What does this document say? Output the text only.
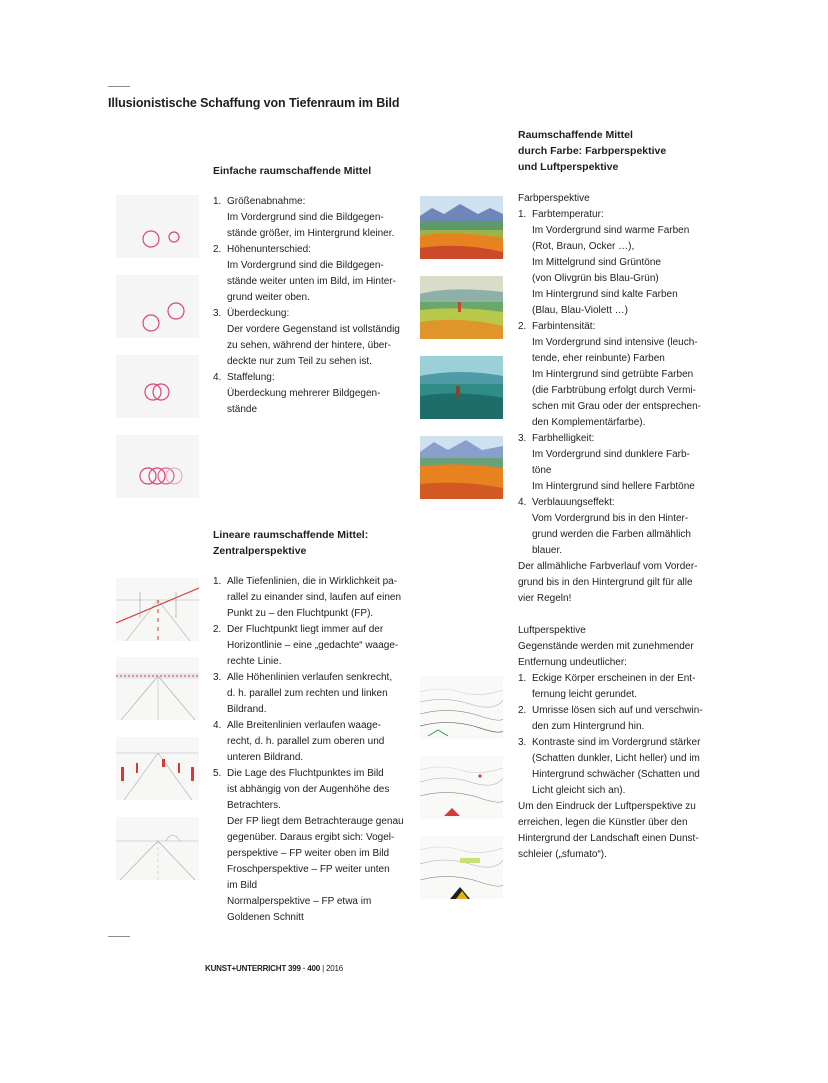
Illusionistische Schaffung von Tiefenraum im Bild
Einfache raumschaffende Mittel
1. Größenabnahme:
Im Vordergrund sind die Bildgegen-
stände größer, im Hintergrund kleiner.
2. Höhenunterschied:
Im Vordergrund sind die Bildgegen-
stände weiter unten im Bild, im Hinter-
grund weiter oben.
3. Überdeckung:
Der vordere Gegenstand ist vollständig
zu sehen, während der hintere, über-
deckte nur zum Teil zu sehen ist.
4. Staffelung:
Überdeckung mehrerer Bildgegen-
stände
Lineare raumschaffende Mittel:
Zentralperspektive
1. Alle Tiefenlinien, die in Wirklichkeit pa-
rallel zu einander sind, laufen auf einen
Punkt zu – den Fluchtpunkt (FP).
2. Der Fluchtpunkt liegt immer auf der
Horizontlinie – eine „gedachte“ waage-
rechte Linie.
3. Alle Höhenlinien verlaufen senkrecht,
d. h. parallel zum rechten und linken
Bildrand.
4. Alle Breitenlinien verlaufen waage-
recht, d. h. parallel zum oberen und
unteren Bildrand.
5. Die Lage des Fluchtpunktes im Bild
ist abhängig von der Augenhöhe des
Betrachters.
Der FP liegt dem Betrachterauge genau
gegenüber. Daraus ergibt sich: Vogel-
perspektive – FP weiter oben im Bild
Froschperspektive – FP weiter unten
im Bild
Normalperspektive – FP etwa im
Goldenen Schnitt
Raumschaffende Mittel
durch Farbe: Farbperspektive
und Luftperspektive
Farbperspektive
1. Farbtemperatur:
Im Vordergrund sind warme Farben
(Rot, Braun, Ocker …),
Im Mittelgrund sind Grüntöne
(von Olivgrün bis Blau-Grün)
Im Hintergrund sind kalte Farben
(Blau, Blau-Violett …)
2. Farbintensität:
Im Vordergrund sind intensive (leuch-
tende, eher reinbunte) Farben
Im Hintergrund sind getrübte Farben
(die Farbtrübung erfolgt durch Vermi-
schen mit Grau oder der entsprechen-
den Komplementärfarbe).
3. Farbhelligkeit:
Im Vordergrund sind dunklere Farb-
töne
Im Hintergrund sind hellere Farbtöne
4. Verblauungseffekt:
Vom Vordergrund bis in den Hinter-
grund werden die Farben allmählich
blauer.
Der allmähliche Farbverlauf vom Vorder-
grund bis in den Hintergrund gilt für alle
vier Regeln!
Luftperspektive
Gegenstände werden mit zunehmender
Entfernung undeutlicher:
1. Eckige Körper erscheinen in der Ent-
fernung leicht gerundet.
2. Umrisse lösen sich auf und verschwin-
den zum Hintergrund hin.
3. Kontraste sind im Vordergrund stärker
(Schatten dunkler, Licht heller) und im
Hintergrund schwächer (Schatten und
Licht gleicht sich an).
Um den Eindruck der Luftperspektive zu
erreichen, legen die Künstler über den
Hintergrund der Landschaft einen Dunst-
schleier („sfumato“).
KUNST+UNTERRICHT 399 · 400 | 2016
